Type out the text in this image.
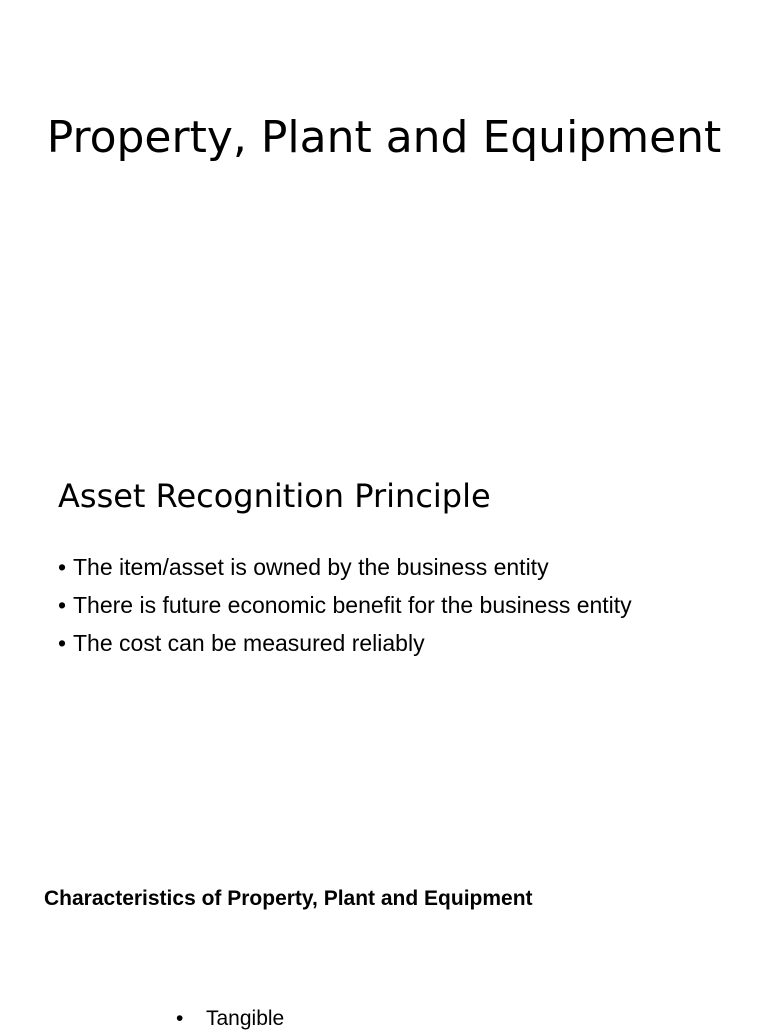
Property, Plant and Equipment
Asset Recognition Principle
• The item/asset is owned by the business entity
• There is future economic benefit for the business entity
• The cost can be measured reliably
Characteristics of Property, Plant and Equipment
• Tangible
